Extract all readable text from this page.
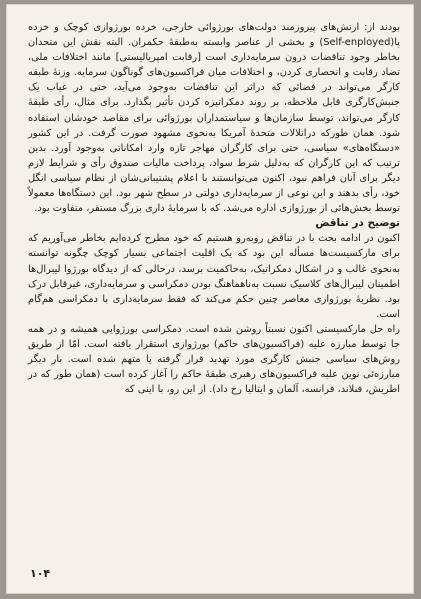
بودند از: ارتش‌های پیروزمند دولت‌های بورژوائی خارجی، خرده بورژوازی کوچک و خرده پا(Self-enployed) و بخشی از عناصر وابسته به‌طبقهٔ حکمران. البته نقش این متحدان بخاطر وجود تناقضات درون سرمایه‌داری است [رقابت امپریالیستی] مانند اختلافات ملی، تضاد رقابت و انحصاری کردن، و اختلافات میان فراکسیون‌های گوناگون سرمایه. وزنهٔ طبقه کارگر می‌تواند در فضائی که دراثر این تناقضات به‌وجود می‌آید، حتی در غیاب یک جنبش‌کارگری قابل ملاحظه، بر روند دمکراتیزه کردن تأثیر بگذارد. برای مثال، رأی طبقهٔ کارگر می‌تواند، توسط سازمان‌ها و سیاستمداران بورژوائی برای مقاصد خودشان استفاده شود. همان طورکه دراتلالات متحدهٔ آمریکا به‌نحوی مشهود صورت گرفت. در این کشور «دستگاه‌های» سیاسی، حتی برای کارگران مهاجر تازه وارد امکاناتی به‌وجود آورد. بدین ترتیب که این کارگران که به‌دلیل شرط سواد، پرداخت مالیات صندوق رأی و شرایط لازم دیگر برای آنان فراهم نبود، اکنون می‌توانستند با اعلام پشتیبانی‌شان از نظام سیاسی انگل خود، رأی بدهند و این نوعی از سرمایه‌داری دولتی در سطح شهر بود. این دستگاه‌ها معمولاً توسط بخش‌هائی از بورژوازی اداره می‌شد. که با سرمایهٔ داری بزرگ مستقر، متفاوت بود.

توضیح در تناقض

اکنون در ادامه بحث با در تناقض روبه‌رو هستیم که خود مطرح کرده‌ایم بخاطر می‌آوریم که برای مارکسیست‌ها مسأله این بود که یک اقلیت اجتماعی بسیار کوچک چگونه توانسته به‌نحوی غالب و در اشکال دمکراتیک، به‌حاکمیت برسد، درحالی که از دیدگاه بورژوا لیبرال‌ها اطمینان لیبرال‌های کلاسیک نسبت به‌ناهماهنگ بودن دمکراسی و سرمایه‌داری، غیرقابل درک بود. نظریهٔ بورژوازی معاصر چنین حکم می‌کند که فقط سرمایه‌داری با دمکراسی هم‌گام است.

راه حل مارکسیستی اکنون نسبتاً روشن شده است. دمکراسی بورژوایی همیشه و در همه جا توسط مبارزه علیه (فراکسیون‌های حاکم) بورژوازی استقرار یافته است. امّا از طریق روش‌های سیاسی جنبش کارگری مورد تهدید قرار گرفته یا متهم شده است. بار دیگر مبارزه‌ئی نوین علیه فراکسیون‌های رهبری طبقهٔ حاکم را آغاز کرده است (همان طور که در اطریش، فنلاند، فرانسه، آلمان و ایتالیا رخ داد). از این رو، با اینی که

۱۰۴
